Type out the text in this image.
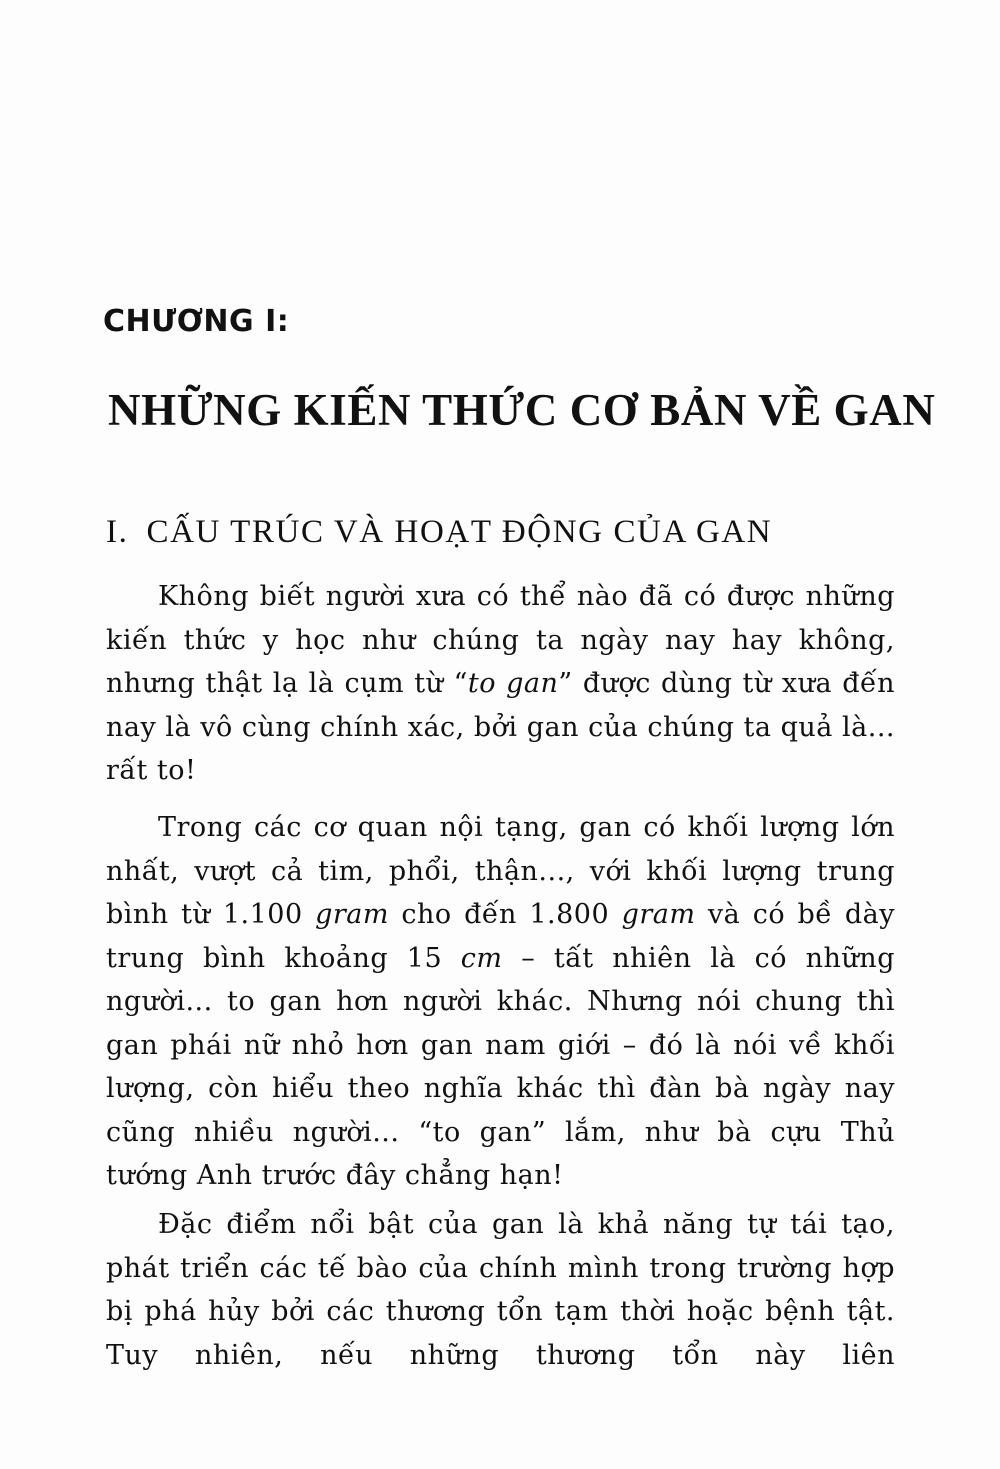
CHƯƠNG I:
NHỮNG KIẾN THỨC CƠ BẢN VỀ GAN
I. CẤU TRÚC VÀ HOẠT ĐỘNG CỦA GAN

Không biết người xưa có thể nào đã có được những kiến thức y học như chúng ta ngày nay hay không, nhưng thật lạ là cụm từ “to gan” được dùng từ xưa đến nay là vô cùng chính xác, bởi gan của chúng ta quả là... rất to!

Trong các cơ quan nội tạng, gan có khối lượng lớn nhất, vượt cả tim, phổi, thận..., với khối lượng trung bình từ 1.100 gram cho đến 1.800 gram và có bề dày trung bình khoảng 15 cm – tất nhiên là có những người... to gan hơn người khác. Nhưng nói chung thì gan phái nữ nhỏ hơn gan nam giới – đó là nói về khối lượng, còn hiểu theo nghĩa khác thì đàn bà ngày nay cũng nhiều người... “to gan” lắm, như bà cựu Thủ tướng Anh trước đây chẳng hạn!

Đặc điểm nổi bật của gan là khả năng tự tái tạo, phát triển các tế bào của chính mình trong trường hợp bị phá hủy bởi các thương tổn tạm thời hoặc bệnh tật. Tuy nhiên, nếu những thương tổn này liên
